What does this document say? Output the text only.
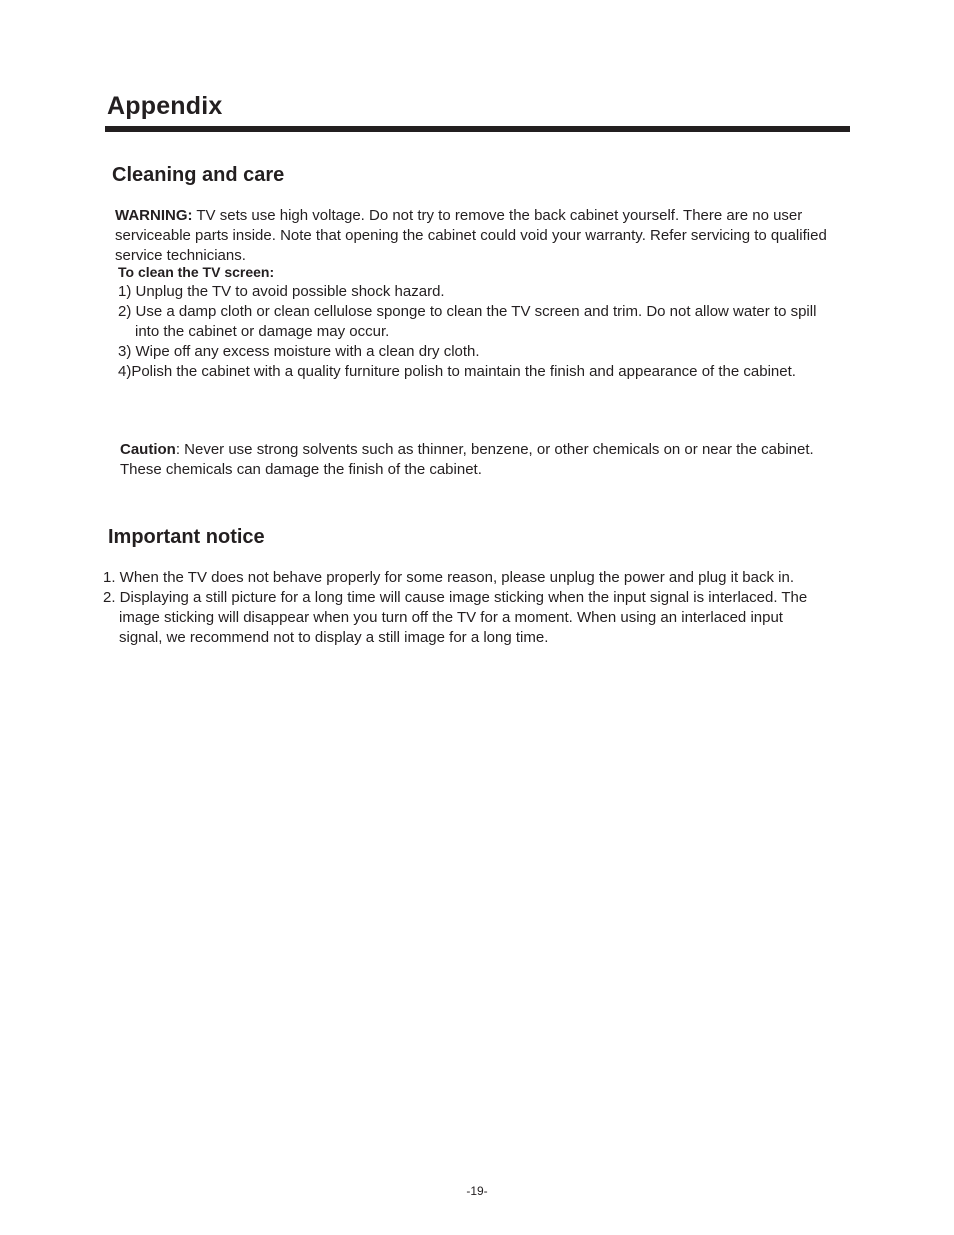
Appendix
Cleaning and care
WARNING: TV sets use high voltage. Do not try to remove the back cabinet yourself. There are no user
serviceable parts inside. Note that opening the cabinet could void your warranty. Refer servicing to qualified
service technicians.
To clean the TV screen:
1) Unplug the TV to avoid possible shock hazard.
2) Use a damp cloth or clean cellulose sponge to clean the TV screen and trim. Do not allow water to spill
into the cabinet or damage may occur.
3) Wipe off any excess moisture with a clean dry cloth.
4)Polish the cabinet with a quality furniture polish to maintain the finish and appearance of the cabinet.
Caution: Never use strong solvents such as thinner, benzene, or other chemicals on or near the cabinet.
These chemicals can damage the finish of the cabinet.
Important notice
1. When the TV does not behave properly for some reason, please unplug the power and plug it back in.
2. Displaying a still picture for a long time will cause image sticking when the input signal is interlaced. The
image sticking will disappear when you turn off the TV for a moment. When using an interlaced input
signal, we recommend not to display a still image for a long time.
-19-
